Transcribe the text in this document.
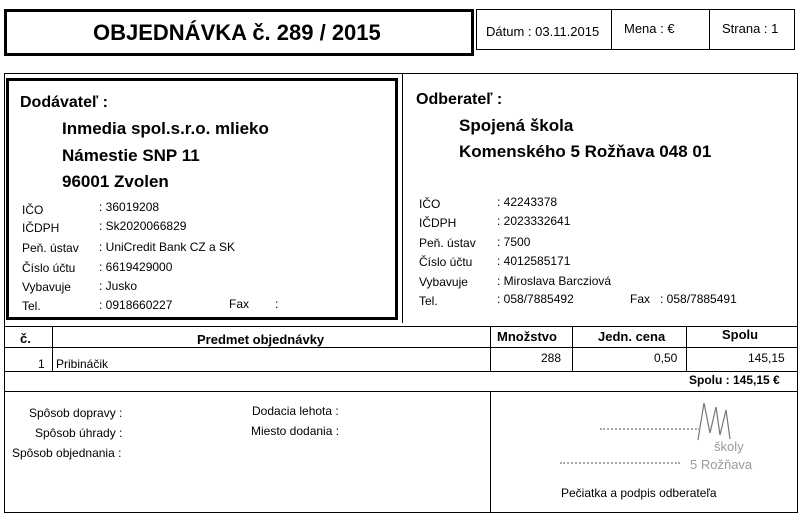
OBJEDNÁVKA č. 289 / 2015	Dátum : 03.11.2015 Mena : €	Strana : 1
Dodávateľ :
Inmedia spol.s.r.o. mlieko
Námestie SNP 11
96001 Zvolen
IČO	: 36019208
IČDPH	: Sk2020066829
Peň. ústav : UniCredit Bank CZ a SK
Číslo účtu : 6619429000
Vybavuje : Jusko
Tel.	: 0918660227	Fax :
Odberateľ :
Spojená škola
Komenského 5 Rožňava 048 01
IČO	: 42243378
IČDPH	: 2023332641
Peň. ústav : 7500
Číslo účtu : 4012585171
Vybavuje : Miroslava Barcziová
Tel.	: 058/7885492	Fax : 058/7885491
č.	Predmet objednávky	Množstvo	Jedn. cena	Spolu
1 Pribináčik	288	0,50	145,15
Spolu : 145,15 €
Spôsob dopravy :
Spôsob úhrady :
Spôsob objednania :
Dodacia lehota :
Miesto dodania :
školy
5 Rožňava
Pečiatka a podpis odberateľa
